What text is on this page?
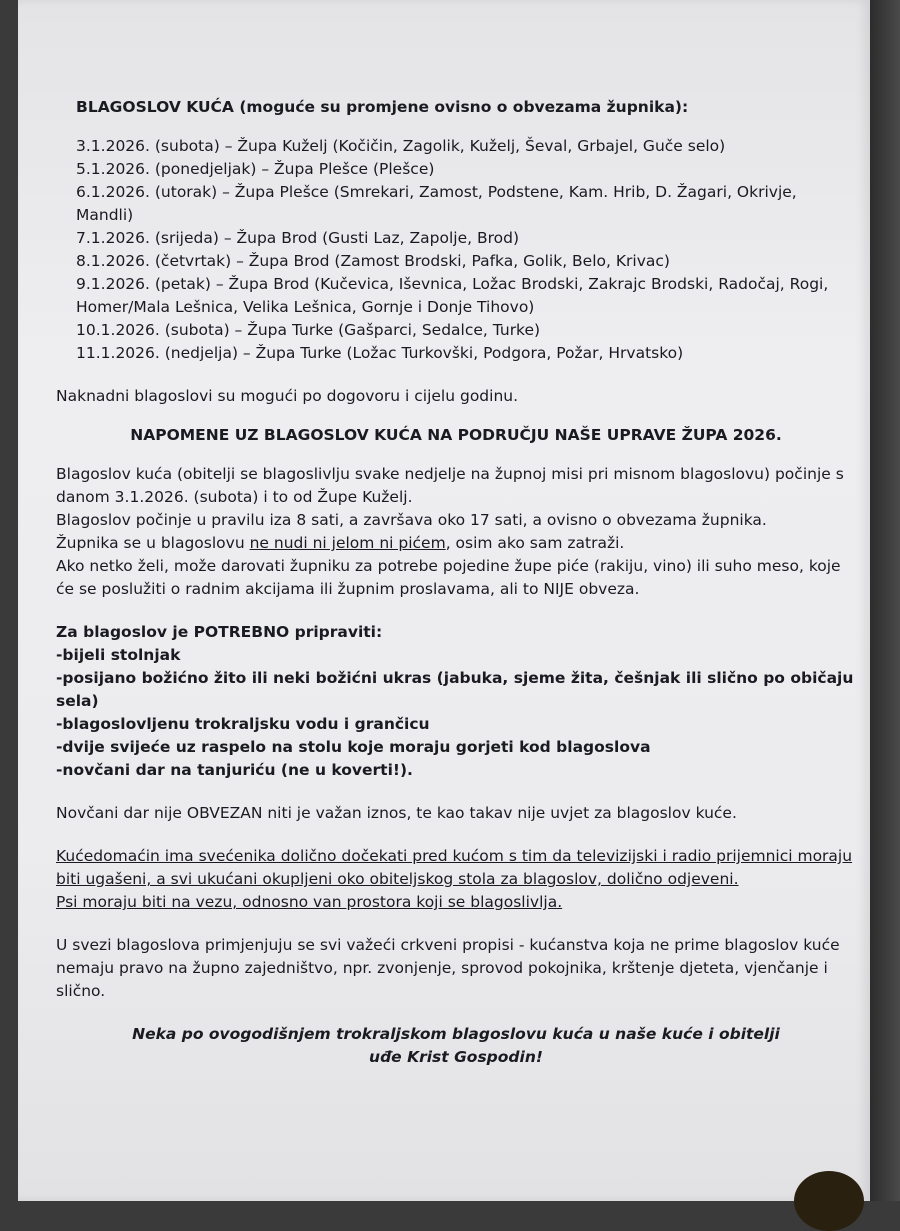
BLAGOSLOV KUĆA (moguće su promjene ovisno o obvezama župnika):
3.1.2026. (subota) – Župa Kuželj (Kočičin, Zagolik, Kuželj, Ševal, Grbajel, Guče selo)
5.1.2026. (ponedjeljak) – Župa Plešce (Plešce)
6.1.2026. (utorak) – Župa Plešce (Smrekari, Zamost, Podstene, Kam. Hrib, D. Žagari, Okrivje, Mandli)
7.1.2026. (srijeda) – Župa Brod (Gusti Laz, Zapolje, Brod)
8.1.2026. (četvrtak) – Župa Brod (Zamost Brodski, Pafka, Golik, Belo, Krivac)
9.1.2026. (petak) – Župa Brod (Kučevica, Iševnica, Ložac Brodski, Zakrajc Brodski, Radočaj, Rogi, Homer/Mala Lešnica, Velika Lešnica, Gornje i Donje Tihovo)
10.1.2026. (subota) – Župa Turke (Gašparci, Sedalce, Turke)
11.1.2026. (nedjelja) – Župa Turke (Ložac Turkovški, Podgora, Požar, Hrvatsko)

Naknadni blagoslovi su mogući po dogovoru i cijelu godinu.

NAPOMENE UZ BLAGOSLOV KUĆA NA PODRUČJU NAŠE UPRAVE ŽUPA 2026.

Blagoslov kuća (obitelji se blagoslivlju svake nedjelje na župnoj misi pri misnom blagoslovu) počinje s danom 3.1.2026. (subota) i to od Župe Kuželj.

Blagoslov počinje u pravilu iza 8 sati, a završava oko 17 sati, a ovisno o obvezama župnika.

Župnika se u blagoslovu ne nudi ni jelom ni pićem, osim ako sam zatraži.

Ako netko želi, može darovati župniku za potrebe pojedine župe piće (rakiju, vino) ili suho meso, koje će se poslužiti o radnim akcijama ili župnim proslavama, ali to NIJE obveza.

Za blagoslov je POTREBNO pripraviti:
-bijeli stolnjak
-posijano božićno žito ili neki božićni ukras (jabuka, sjeme žita, češnjak ili slično po običaju sela)
-blagoslovljenu trokraljsku vodu i grančicu
-dvije svijeće uz raspelo na stolu koje moraju gorjeti kod blagoslova
-novčani dar na tanjuriću (ne u koverti!).

Novčani dar nije OBVEZAN niti je važan iznos, te kao takav nije uvjet za blagoslov kuće.

Kućedomaćin ima svećenika dolično dočekati pred kućom s tim da televizijski i radio prijemnici moraju biti ugašeni, a svi ukućani okupljeni oko obiteljskog stola za blagoslov, dolično odjeveni.

Psi moraju biti na vezu, odnosno van prostora koji se blagoslivlja.

U svezi blagoslova primjenjuju se svi važeći crkveni propisi - kućanstva koja ne prime blagoslov kuće nemaju pravo na župno zajedništvo, npr. zvonjenje, sprovod pokojnika, krštenje djeteta, vjenčanje i slično.

Neka po ovogodišnjem trokraljskom blagoslovu kuća u naše kuće i obitelji
uđe Krist Gospodin!
